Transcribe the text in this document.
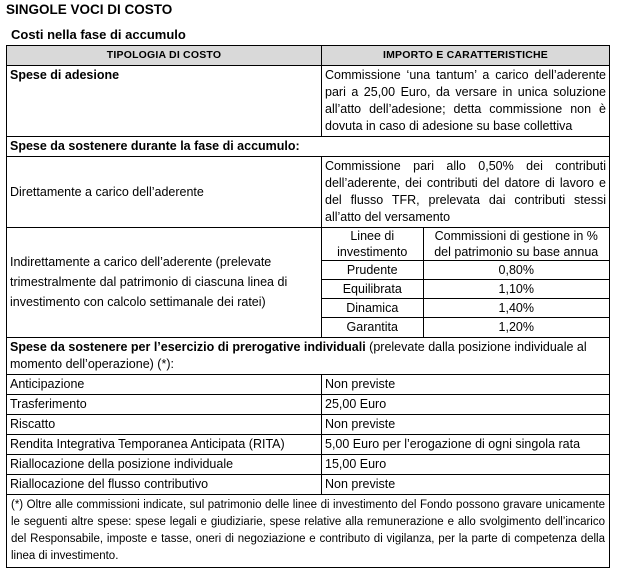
SINGOLE VOCI DI COSTO
Costi nella fase di accumulo
TIPOLOGIA DI COSTO	IMPORTO E CARATTERISTICHE
Spese di adesione	Commissione ‘una tantum’ a carico dell’aderente pari a 25,00 Euro, da versare in unica soluzione all’atto dell’adesione; detta commissione non è dovuta in caso di adesione su base collettiva
Spese da sostenere durante la fase di accumulo:
Direttamente a carico dell’aderente	Commissione pari allo 0,50% dei contributi dell’aderente, dei contributi del datore di lavoro e del flusso TFR, prelevata dai contributi stessi all’atto del versamento
Indirettamente a carico dell’aderente (prelevate trimestralmente dal patrimonio di ciascuna linea di investimento con calcolo settimanale dei ratei)	
Linee di investimento	Commissioni di gestione in % del patrimonio su base annua
Prudente	0,80%
Equilibrata	1,10%
Dinamica	1,40%
Garantita	1,20%

Spese da sostenere per l’esercizio di prerogative individuali (prelevate dalla posizione individuale al momento dell’operazione) (*):
Anticipazione	Non previste
Trasferimento	25,00 Euro
Riscatto	Non previste
Rendita Integrativa Temporanea Anticipata (RITA)	5,00 Euro per l’erogazione di ogni singola rata
Riallocazione della posizione individuale	15,00 Euro
Riallocazione del flusso contributivo	Non previste
(*) Oltre alle commissioni indicate, sul patrimonio delle linee di investimento del Fondo possono gravare unicamente le seguenti altre spese: spese legali e giudiziarie, spese relative alla remunerazione e allo svolgimento dell’incarico del Responsabile, imposte e tasse, oneri di negoziazione e contributo di vigilanza, per la parte di competenza della linea di investimento.
